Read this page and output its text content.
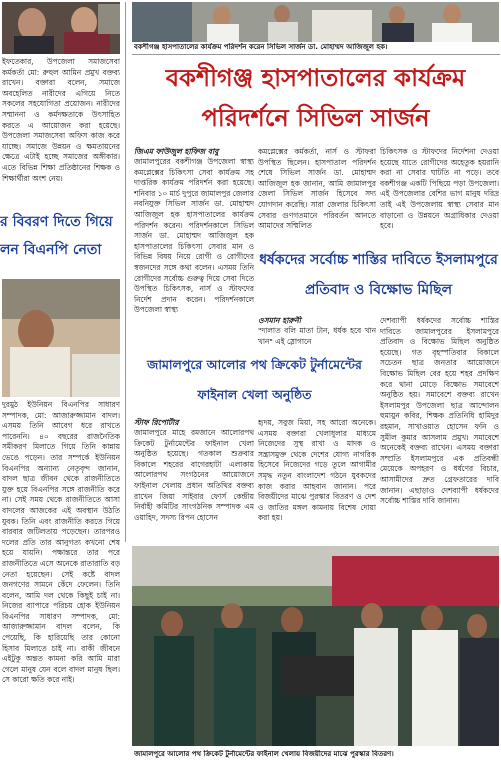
বকশীগঞ্জ হাসপাতালের কার্যক্রম পরিদর্শন করেন সিভিল সার্জন ডা. মোহাম্মদ আজিজুল হক।
ইফতেকার, উপজেলা সমাজসেবা কর্মকর্তা মো: রুহুল আমিন প্রমুখ বক্তব্য রাখেন। বক্তারা বলেন, সমাজে অবহেলিত নারীদের এগিয়ে নিতে সকলের সহযোগিতা প্রয়োজন। নারীদের সম্মাননা ও কর্মদক্ষতাকে উৎসাহিত করতে এ আয়োজন করা হয়েছে। উপজেলা সমাজসেবা অফিস কাজ করে যাচ্ছে। সমাজে উন্নয়ন ও ক্ষমতায়নের ক্ষেত্রে এটাই হচ্ছে সমাজের অঙ্গীকার। এতে বিভিন্ন শিক্ষা প্রতিষ্ঠানের শিক্ষক ও শিক্ষার্থীরা অংশ নেয়।
র বিবরণ দিতে গিয়ে
লন বিএনপি নেতা
দুরমুঠ ইউনিয়ন বিএনপির সাধারণ সম্পাদক, মো: আজারুজ্জামান বাদল। এসময় তিনি আবেগ ধরে রাখতে পারেননি। ৪০ বছরের রাজনৈতিক সমীকরণ মিলাতে গিয়ে তিনি কান্নায় ভেঙে পড়েন। তার সম্পর্কে ইউনিয়ন বিএনপির অন্যান্য নেতৃবৃন্দ জানান, বাদল ছাত্র জীবন থেকে রাজনীতিতে যুক্ত হয়ে বিএনপির সঙ্গে রাজনীতি করে না। সেই সময় থেকে রাজনীতিতে আসা বাদলের আজকের এই অবস্থান উঠতি যুবক। তিনি এবং রাজনীতি করতে গিয়ে বারবার জটিলতায় পড়েছেন। তারপরও দলের প্রতি তার আনুগত্য কখনো শেষ হয়ে যায়নি। পক্ষান্তরে তার পরে রাজনীতিতে এসে অনেকে রাতারাতি বড় নেতা হয়েছেন। সেই কষ্টে বাদল জনগণের সামনে কেঁদে ফেলেন। তিনি বলেন, আমি দল থেকে কিছুই চাই না। নিজের ব্যাপারে পরিচয় হোক ইউনিয়ন বিএনপির সাধারণ সম্পাদক, মো: আজারুজ্জামান বাদল বলেন, কি পেয়েছি, কি হারিয়েছি তার কোনো হিসাব মিলাতে চাই না। বাকী জীবনে এইটুকু অন্তত কামনা করি আমি মারা গেলে মানুষ যেন বলে বাদল মানুষ ছিল। সে কারো ক্ষতি করে নাই।
বকশীগঞ্জ হাসপাতালের কার্যক্রম
পরিদর্শনে সিভিল সার্জন
জিএম ফাউজুল হাফিজ বাবু
জামালপুরের বকশীগঞ্জ উপজেলা স্বাস্থ্য কমপ্লেক্সের চিকিৎসা সেবা কার্যক্রম সহ দাপ্তরিক কার্যক্রম পরিদর্শন করা হয়েছে। শনিবার ১০ মার্চ দুপুরে জামালপুর জেলার নবনিযুক্ত সিভিল সার্জন ডা. মোহাম্মদ আজিজুল হক হাসপাতালের কার্যক্রম পরিদর্শন করেন। পরিদর্শনকালে সিভিল সার্জন ডা. মোহাম্মদ আজিজুল হক হাসপাতালের চিকিৎসা সেবার মান ও বিভিন্ন বিষয় নিয়ে রোগী ও রোগীদের স্বজনদের সঙ্গে কথা বলেন। এসময় তিনি রোগীদের সর্বোচ্চ গুরুত্ব দিয়ে সেবা দিতে উপস্থিত চিকিৎসক, নার্স ও স্টাফদের নির্দেশ প্রদান করেন। পরিদর্শনকালে উপজেলা স্বাস্থ্য
কমপ্লেক্সের কর্মকর্তা, নার্স ও স্টাফরা উপস্থিত ছিলেন। হাসপাতাল পরিদর্শন শেষে সিভিল সার্জন ডা. মোহাম্মদ আজিজুল হক জানান, আমি জামালপুর জেলা সিভিল সার্জন হিসেবে সদ্য যোগদান করেছি। সারা জেলার চিকিৎসা সেবার গুণগতমানে পরিবর্তন আনতে আমাদের সম্মিলিত
চিকিৎসক ও স্টাফদের নির্দেশনা দেওয়া হয়েছে যাতে রোগীদের অহেতুক হয়রানি করা না সেবার ঘাটতি না পড়ে। তবে বকশীগঞ্জ একটি পিছিয়ে পড়া উপজেলা। এই উপজেলার বেশির ভাগ মানুষ দরিদ্র তাই এই উপজেলায় স্বাস্থ্য সেবার মান বাড়ানো ও উন্নয়নে অগ্রাধিকার দেওয়া হবে।
ধর্ষকদের সর্বোচ্চ শাস্তির দাবিতে ইসলামপুরে
প্রতিবাদ ও বিক্ষোভ মিছিল
ওসমান হারুনী
"দালাত বলি মাতা টান, ধর্ষক হবে খান খান" এই স্লোগানে
দেশব্যাপী ধর্ষকদের সর্বোচ্চ শাস্তির দাবিতে জামালপুরের ইসলামপুরে প্রতিবাদ ও বিক্ষোভ মিছিল অনুষ্ঠিত হয়েছে। গত বৃহস্পতিবার বিকালে সচেতন ছাত্র জনতার আয়োজনে বিক্ষোভ মিছিল বের হয়ে শহর প্রদক্ষিণ করে থানা মোড়ে বিক্ষোভ সমাবেশে অনুষ্ঠিত হয়। সমাবেশে বক্তব্য রাখেন ইসলামপুর উপজেলা ছাত্র আন্দোলন হুমায়ুন কবির, শিক্ষক প্রতিনিধি হামিদুর রহমান, সাখাওয়াত হোসেন ফনি ও সুমীল কুমার আসলাম প্রমুখ। সমাবেশে অনেকেই বক্তব্য রাখেন। এসময় বক্তারা সম্প্রতি ইসলামপুরে এক প্রতিবন্ধী মেয়েকে অপহরণ ও ধর্ষণের বিচার, আসামীদের দ্রুত গ্রেফতারের দাবি জানান। এছাড়াও দেশব্যাপী ধর্ষকদের সর্বোচ্চ শাস্তির দাবি জানান।
জামালপুরে আলোর পথ ক্রিকেট টুর্নামেন্টের
ফাইনাল খেলা অনুষ্ঠিত
স্টাফ রিপোর্টার
জামালপুরে মাহে রমজানে আলোরপথ ক্রিকেট টুর্নামেন্টের ফাইনাল খেলা অনুষ্ঠিত হয়েছে। গতকাল শুক্রবার বিকালে শহরের বাগেরহাটা এলাকায় আলোরপথ সংগঠনের আয়োজনে ফাইনাল খেলায় প্রধান অতিথির বক্তব্য রাখেন জিয়া সাইবার ফোর্স কেন্দ্রীয় নির্বাহী কমিটির সাংগঠনিক সম্পাদক এম ওয়াহিদ, সদস্য রিপন হোসেন
হৃদয়, সবুজ মিয়া, সহ আরো অনেকে। এসময় বক্তারা খেলাধুলার মাধ্যমে নিজেদের সুস্থ রাখা ও মাদক ও সন্ত্রাসমুক্ত থেকে দেশের যোগ্য নাগরিক হিসেবে নিজেদের গড়ে তুলে আগামীর সমৃদ্ধ নতুন বাংলাদেশ গঠনে যুবকদের কাজ করার আহবান জানান। পরে বিজয়ীদের মাঝে পুরস্কার বিতরণ ও দেশ ও জাতির মঙ্গল কামনায় বিশেষ দোয়া করা হয়।
জামালপুরে আলোর পথ ক্রিকেট টুর্নামেন্টের ফাইনাল খেলায় বিজয়ীদের মাঝে পুরস্কার বিতরণ।
